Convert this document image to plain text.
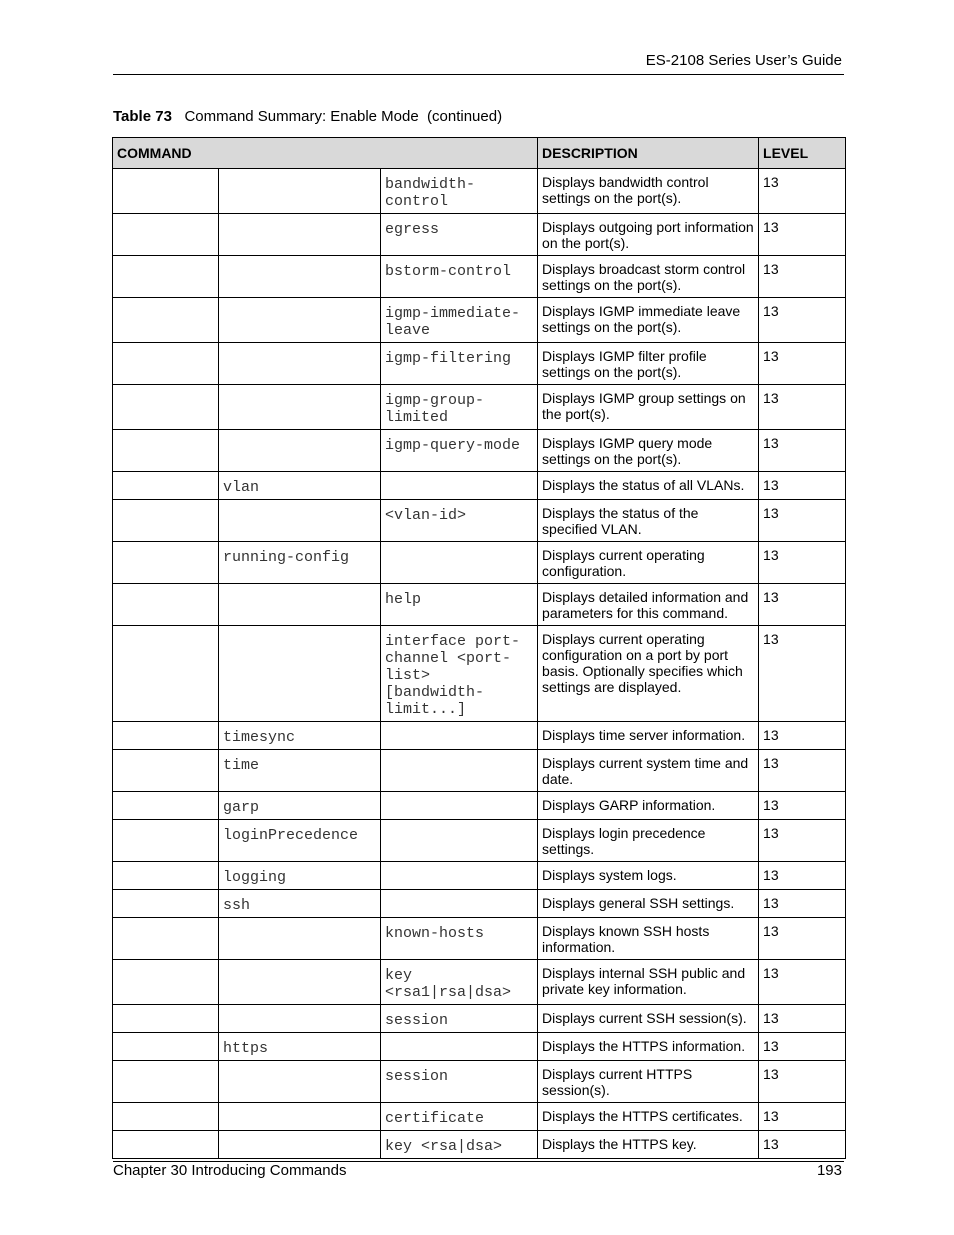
ES-2108 Series User’s Guide
Table 73 Command Summary: Enable Mode  (continued)
COMMAND			DESCRIPTION	LEVEL
		bandwidth-
control	Displays bandwidth control settings on the port(s).	13
		egress	Displays outgoing port information on the port(s).	13
		bstorm-control	Displays broadcast storm control settings on the port(s).	13
		igmp-immediate-
leave	Displays IGMP immediate leave settings on the port(s).	13
		igmp-filtering	Displays IGMP filter profile settings on the port(s).	13
		igmp-group-
limited	Displays IGMP group settings on the port(s).	13
		igmp-query-mode	Displays IGMP query mode settings on the port(s).	13
	vlan		Displays the status of all VLANs.	13
		<vlan-id>	Displays the status of the specified VLAN.	13
	running-config		Displays current operating configuration.	13
		help	Displays detailed information and parameters for this command.	13
		interface port-
channel <port-
list>
[bandwidth-
limit...]	Displays current operating configuration on a port by port basis. Optionally specifies which settings are displayed.	13
	timesync		Displays time server information.	13
	time		Displays current system time and date.	13
	garp		Displays GARP information.	13
	loginPrecedence		Displays login precedence settings.	13
	logging		Displays system logs.	13
	ssh		Displays general SSH settings.	13
		known-hosts	Displays known SSH hosts information.	13
		key
<rsa1|rsa|dsa>	Displays internal SSH public and private key information.	13
		session	Displays current SSH session(s).	13
	https		Displays the HTTPS information.	13
		session	Displays current HTTPS session(s).	13
		certificate	Displays the HTTPS certificates.	13
		key <rsa|dsa>	Displays the HTTPS key.	13
Chapter 30 Introducing Commands	193
